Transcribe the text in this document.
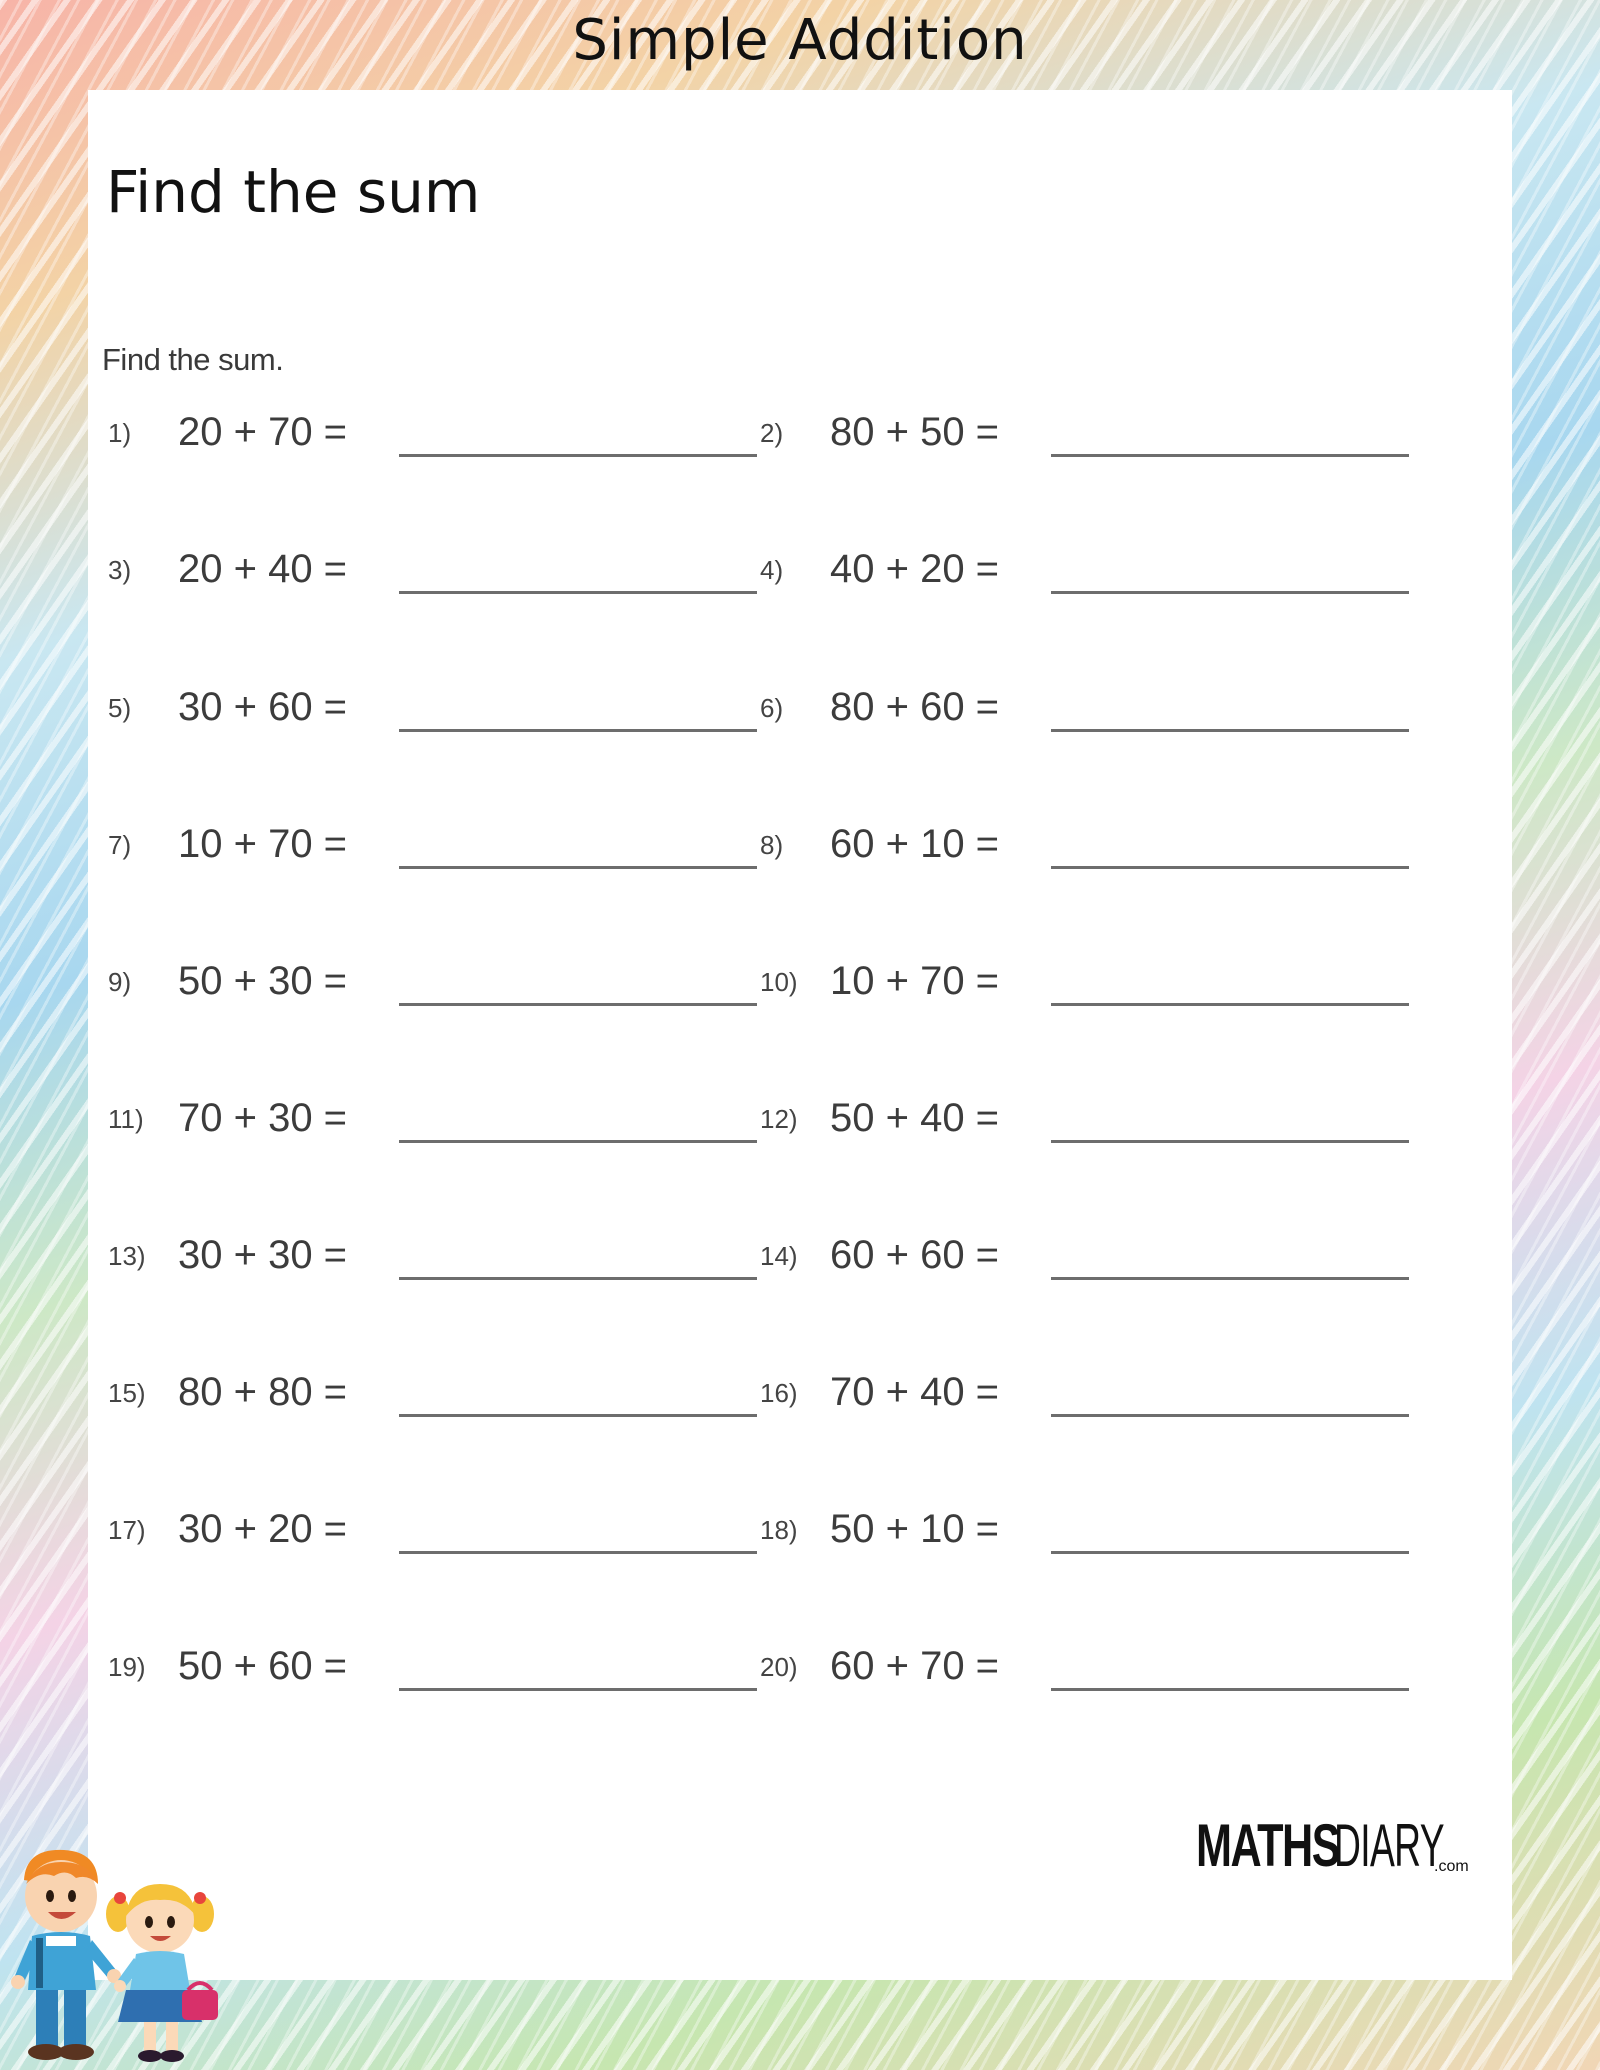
Simple Addition
Find the sum
Find the sum.
1) 20 + 70 =	2) 80 + 50 =
3) 20 + 40 =	4) 40 + 20 =
5) 30 + 60 =	6) 80 + 60 =
7) 10 + 70 =	8) 60 + 10 =
9) 50 + 30 =	10) 10 + 70 =
11) 70 + 30 =	12) 50 + 40 =
13) 30 + 30 =	14) 60 + 60 =
15) 80 + 80 =	16) 70 + 40 =
17) 30 + 20 =	18) 50 + 10 =
19) 50 + 60 =	20) 60 + 70 =
MATHS
DIARY
.com
